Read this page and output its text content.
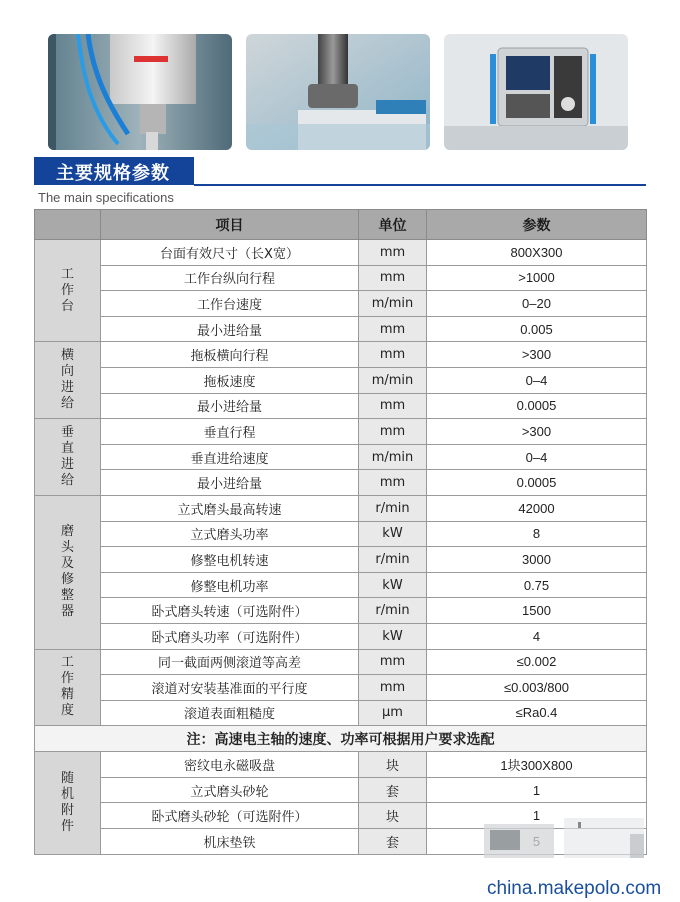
主要规格参数
The main specifications
	项目	单位	参数
工作台	台面有效尺寸（长X宽）	mm	800X300
	工作台纵向行程	mm	>1000
	工作台速度	m/min	0–20
	最小进给量	mm	0.005
横向进给	拖板横向行程	mm	>300
	拖板速度	m/min	0–4
	最小进给量	mm	0.0005
垂直进给	垂直行程	mm	>300
	垂直进给速度	m/min	0–4
	最小进给量	mm	0.0005
磨头及修整器	立式磨头最高转速	r/min	42000
	立式磨头功率	kW	8
	修整电机转速	r/min	3000
	修整电机功率	kW	0.75
	卧式磨头转速（可选附件）	r/min	1500
	卧式磨头功率（可选附件）	kW	4
工作精度	同一截面两侧滚道等高差	mm	≤0.002
	滚道对安装基准面的平行度	mm	≤0.003/800
	滚道表面粗糙度	μm	≤Ra0.4
注：高速电主轴的速度、功率可根据用户要求选配			
随机附件	密纹电永磁吸盘	块	1块300X800
	立式磨头砂轮	套	1
	卧式磨头砂轮（可选附件）	块	1
	机床垫铁	套	
china.makepolo.com
